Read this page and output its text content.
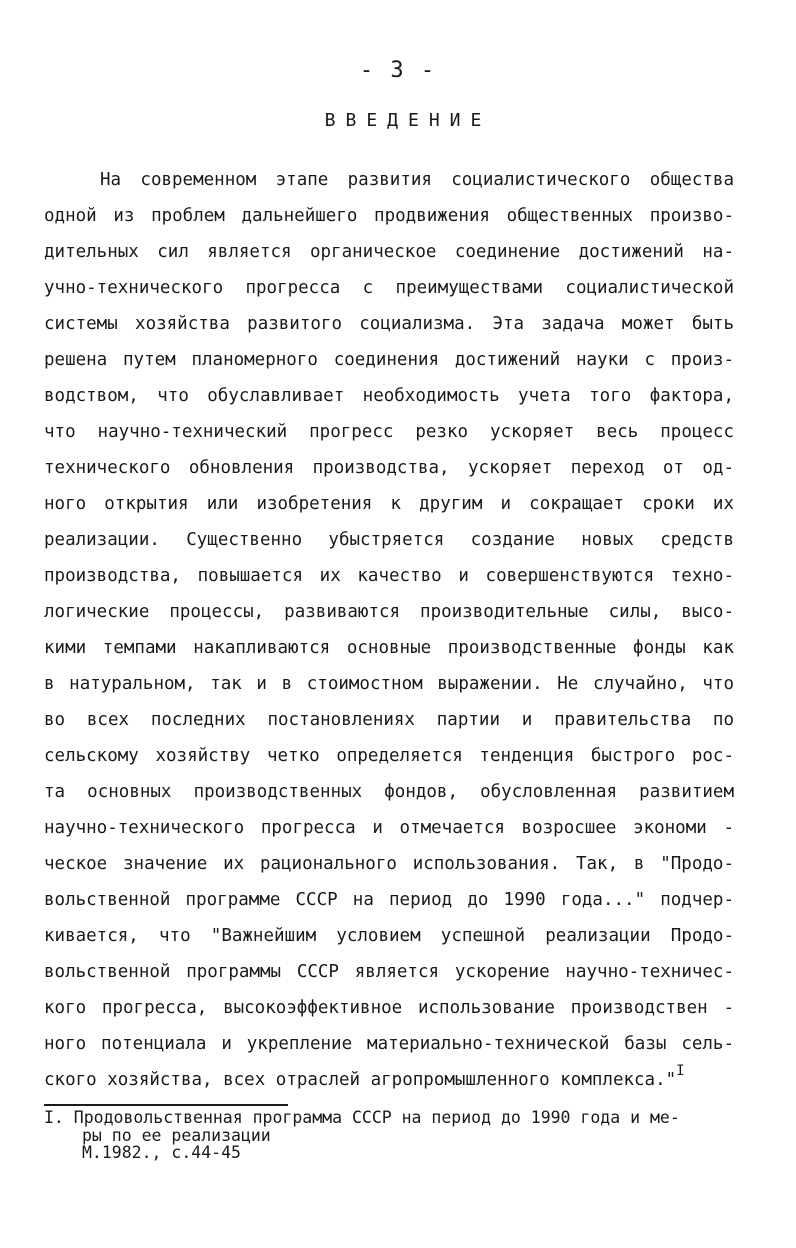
- 3 -
ВВЕДЕНИЕ
На современном этапе развития социалистического общества
одной из проблем дальнейшего продвижения общественных произво-
дительных сил является органическое соединение достижений на-
учно-технического прогресса с преимуществами социалистической
системы хозяйства развитого социализма. Эта задача может быть
решена путем планомерного соединения достижений науки с произ-
водством, что обуславливает необходимость учета того фактора,
что научно-технический прогресс резко ускоряет весь процесс
технического обновления производства, ускоряет переход от од-
ного открытия или изобретения к другим и сокращает сроки их
реализации. Существенно убыстряется создание новых средств
производства, повышается их качество и совершенствуются техно-
логические процессы, развиваются производительные силы, высо-
кими темпами накапливаются основные производственные фонды как
в натуральном, так и в стоимостном выражении. Не случайно, что
во всех последних постановлениях партии и правительства по
сельскому хозяйству четко определяется тенденция быстрого рос-
та основных производственных фондов, обусловленная развитием
научно-технического прогресса и отмечается возросшее экономи -
ческое значение их рационального использования. Так, в "Продо-
вольственной программе СССР на период до 1990 года..." подчер-
кивается, что "Важнейшим условием успешной реализации Продо-
вольственной программы СССР является ускорение научно-техничес-
кого прогресса, высокоэффективное использование производствен -
ного потенциала и укрепление материально-технической базы сель-
ского хозяйства, всех отраслей агропромышленного комплекса."$^I$
I. Продовольственная программа СССР на период до 1990 года и ме-
ры по ее реализации
М.1982., с.44-45
